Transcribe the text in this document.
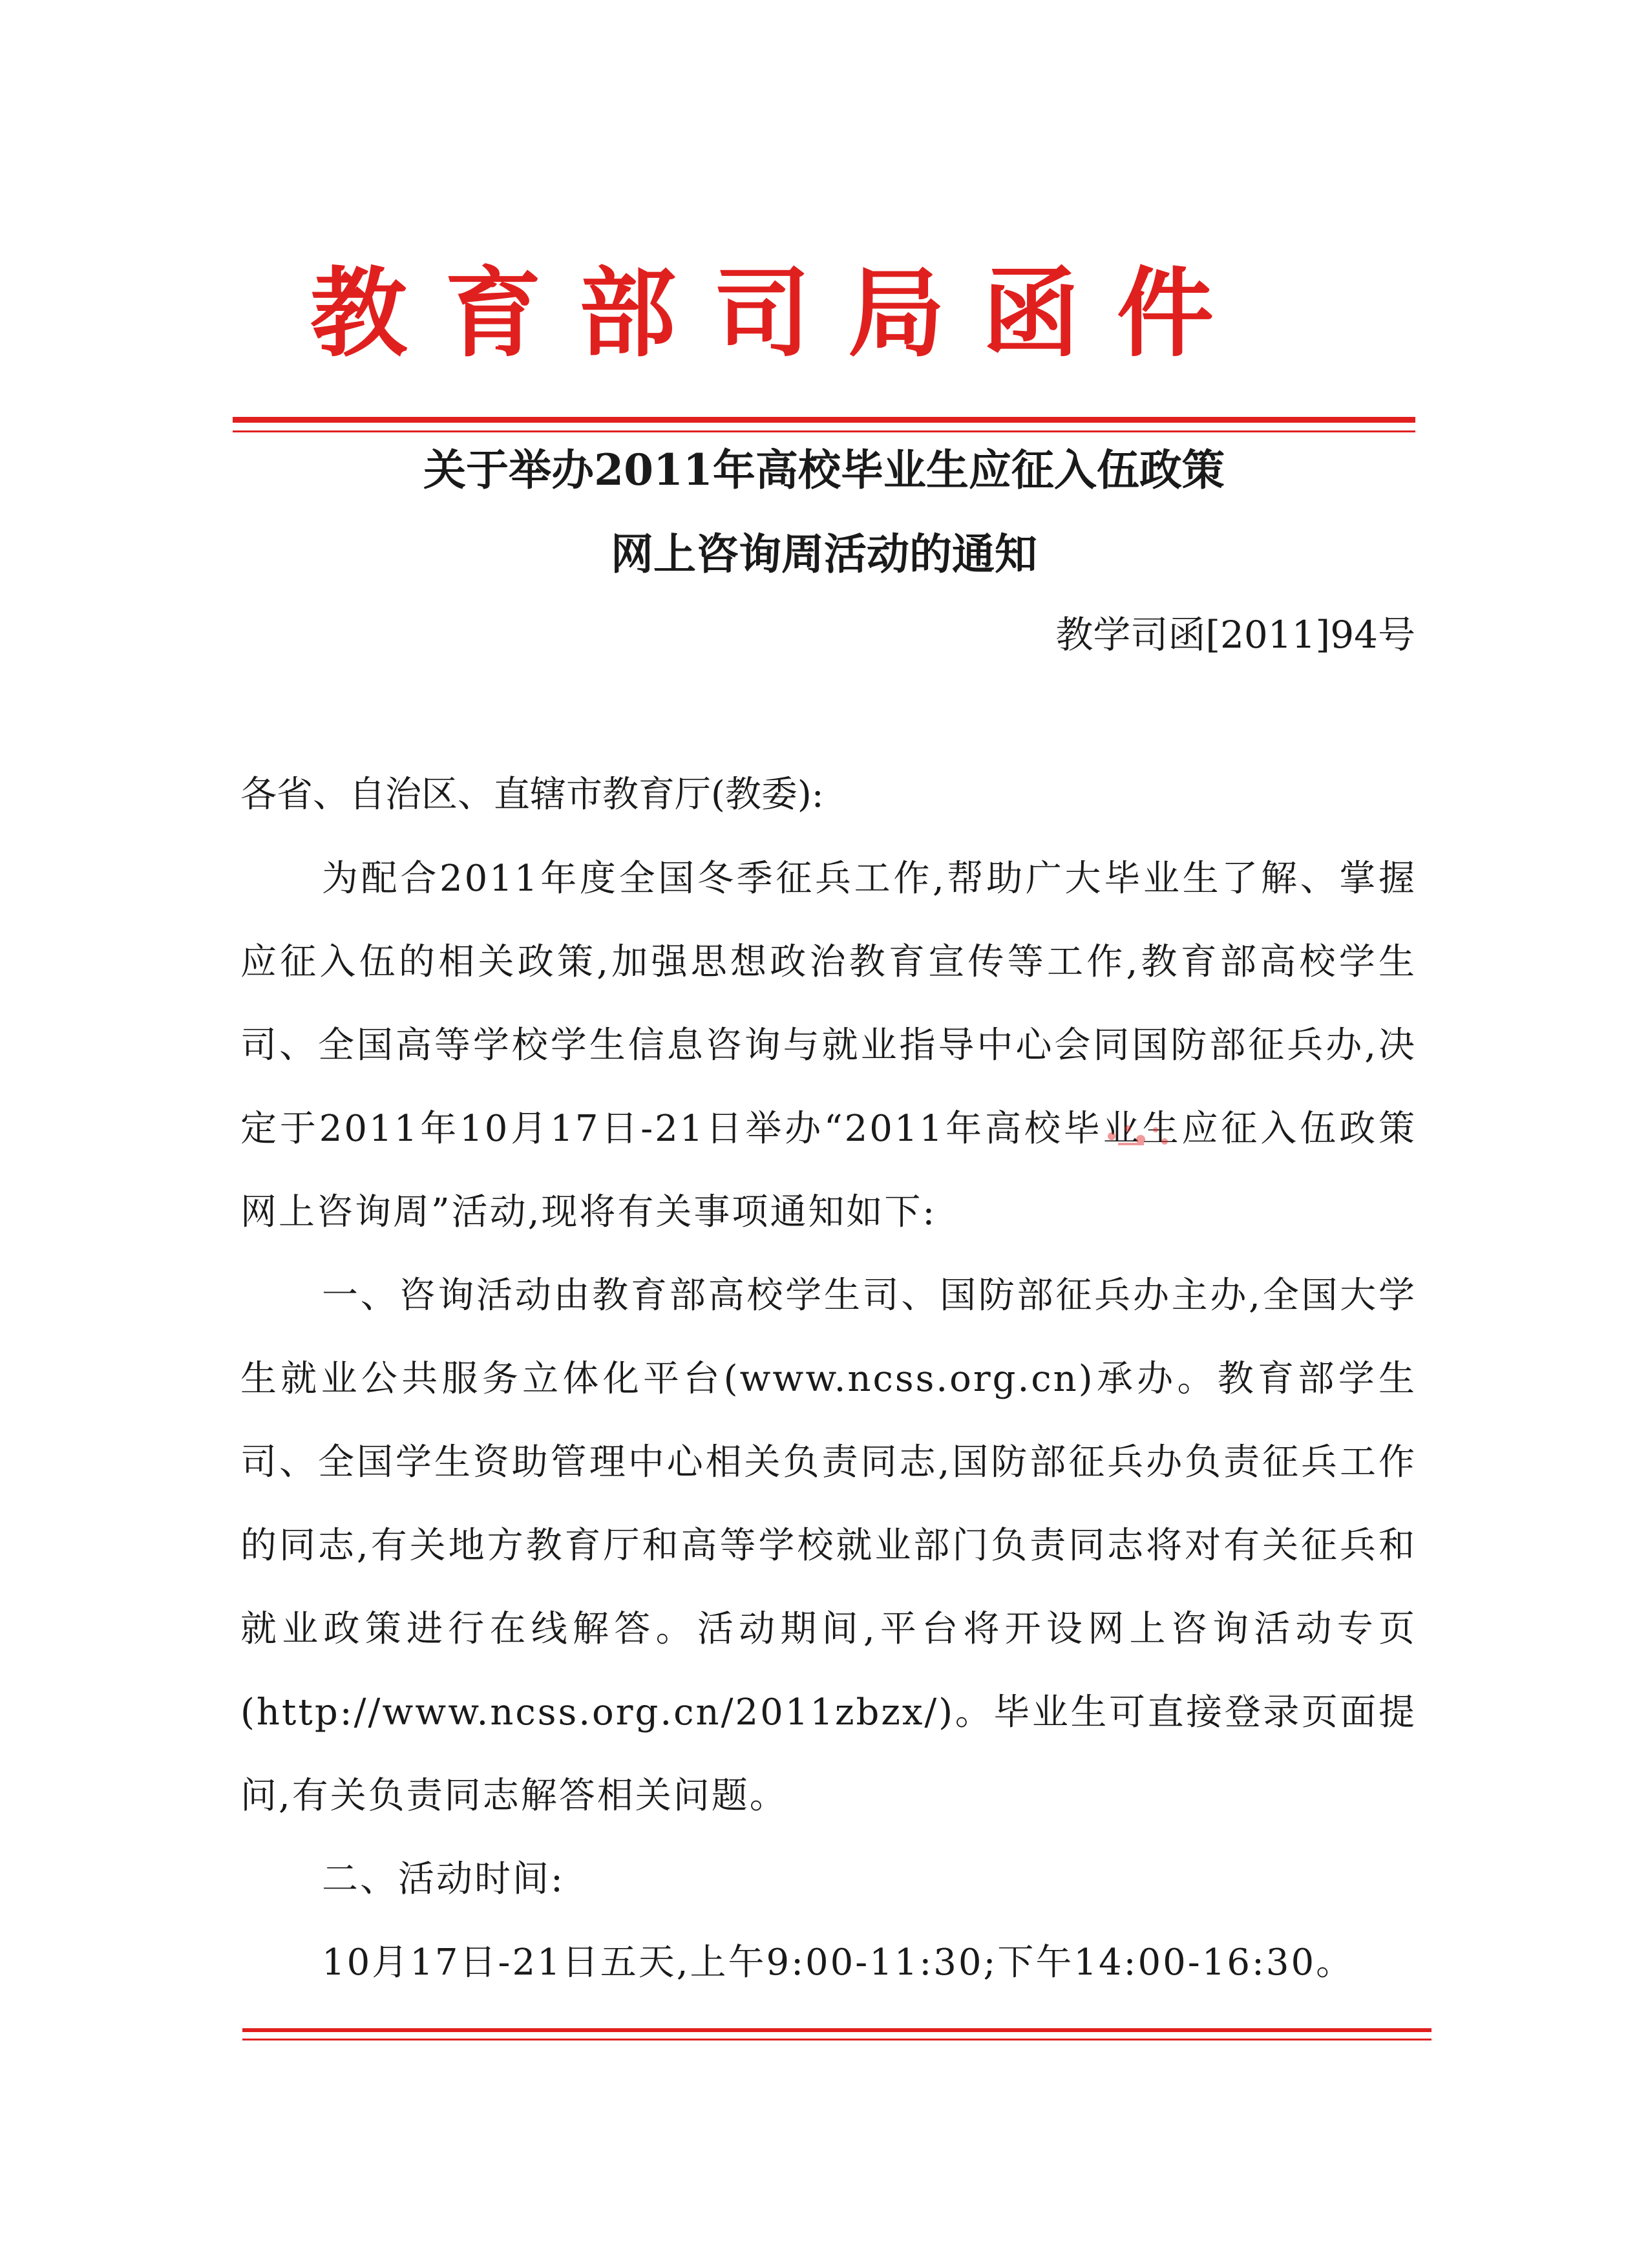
教育部司局函件
关于举办2011年高校毕业生应征入伍政策
网上咨询周活动的通知
教学司函[2011]94号
各省、自治区、直辖市教育厅(教委):
为配合2011年度全国冬季征兵工作,帮助广大毕业生了解、掌握应征入伍的相关政策,加强思想政治教育宣传等工作,教育部高校学生司、全国高等学校学生信息咨询与就业指导中心会同国防部征兵办,决定于2011年10月17日-21日举办“2011年高校毕业生应征入伍政策网上咨询周”活动,现将有关事项通知如下:
一、咨询活动由教育部高校学生司、国防部征兵办主办,全国大学生就业公共服务立体化平台(www.ncss.org.cn)承办。教育部学生司、全国学生资助管理中心相关负责同志,国防部征兵办负责征兵工作的同志,有关地方教育厅和高等学校就业部门负责同志将对有关征兵和就业政策进行在线解答。活动期间,平台将开设网上咨询活动专页(http://www.ncss.org.cn/2011zbzx/)。毕业生可直接登录页面提问,有关负责同志解答相关问题。
二、活动时间:
10月17日-21日五天,上午9:00-11:30;下午14:00-16:30。
